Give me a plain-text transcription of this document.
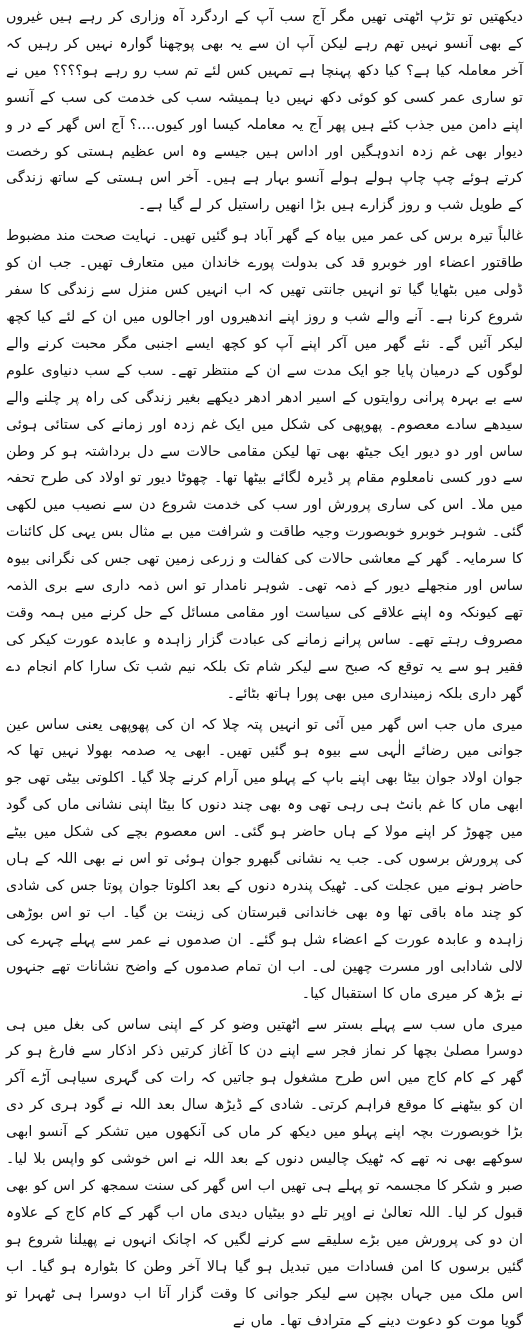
دیکھتیں تو تڑپ اٹھتی تھیں مگر آج سب آپ کے اردگرد آہ وزاری کر رہے ہیں غیروں کے بھی آنسو نہیں تھم رہے لیکن آپ ان سے یہ بھی پوچھنا گوارہ نہیں کر رہیں کہ آخر معاملہ کیا ہے؟ کیا دکھ پہنچا ہے تمہیں کس لئے تم سب رو رہے ہو؟؟؟؟ میں نے تو ساری عمر کسی کو کوئی دکھ نہیں دیا ہمیشہ سب کی خدمت کی سب کے آنسو اپنے دامن میں جذب کئے ہیں پھر آج یہ معاملہ کیسا اور کیوں....؟ آج اس گھر کے در و دیوار بھی غم زدہ اندوہگیں اور اداس ہیں جیسے وہ اس عظیم ہستی کو رخصت کرتے ہوئے چپ چاپ ہولے ہولے آنسو بہار ہے ہیں۔ آخر اس ہستی کے ساتھ زندگی کے طویل شب و روز گزارے ہیں بڑا انھیں راستیل کر لے گیا ہے۔

غالباً تیرہ برس کی عمر میں بیاہ کے گھر آباد ہو گئیں تھیں۔ نہایت صحت مند مضبوط طاقتور اعضاء اور خوبرو قد کی بدولت پورے خاندان میں متعارف تھیں۔ جب ان کو ڈولی میں بٹھایا گیا تو انہیں جانتی تھیں کہ اب انہیں کس منزل سے زندگی کا سفر شروع کرنا ہے۔ آنے والے شب و روز اپنے اندھیروں اور اجالوں میں ان کے لئے کیا کچھ لیکر آئیں گے۔ نئے گھر میں آکر اپنے آپ کو کچھ ایسے اجنبی مگر محبت کرنے والے لوگوں کے درمیان پایا جو ایک مدت سے ان کے منتظر تھے۔ سب کے سب دنیاوی علوم سے بے بہرہ پرانی روایتوں کے اسیر ادھر ادھر دیکھے بغیر زندگی کی راہ پر چلنے والے سیدھے سادے معصوم۔ پھوپھی کی شکل میں ایک غم زدہ اور زمانے کی ستائی ہوئی ساس اور دو دیور ایک جیٹھ بھی تھا لیکن مقامی حالات سے دل برداشتہ ہو کر وطن سے دور کسی نامعلوم مقام پر ڈیرہ لگائے بیٹھا تھا۔ چھوٹا دیور تو اولاد کی طرح تحفہ میں ملا۔ اس کی ساری پرورش اور سب کی خدمت شروع دن سے نصیب میں لکھی گئی۔ شوہر خوبرو خوبصورت وجیہ طاقت و شرافت میں بے مثال بس یہی کل کائنات کا سرمایہ۔ گھر کے معاشی حالات کی کفالت و زرعی زمین تھی جس کی نگرانی بیوہ ساس اور منجھلے دیور کے ذمہ تھی۔ شوہر نامدار تو اس ذمہ داری سے بری الذمہ تھے کیونکہ وہ اپنے علاقے کی سیاست اور مقامی مسائل کے حل کرنے میں ہمہ وقت مصروف رہتے تھے۔ ساس پرانے زمانے کی عبادت گزار زاہدہ و عابدہ عورت کیکر کی فقیر ہو سے یہ توقع کہ صبح سے لیکر شام تک بلکہ نیم شب تک سارا کام انجام دے گھر داری بلکہ زمینداری میں بھی پورا ہاتھ بٹائے۔

میری ماں جب اس گھر میں آئی تو انہیں پتہ چلا کہ ان کی پھوپھی یعنی ساس عین جوانی میں رضائے الٰہی سے بیوہ ہو گئیں تھیں۔ ابھی یہ صدمہ بھولا نہیں تھا کہ جوان اولاد جوان بیٹا بھی اپنے باپ کے پہلو میں آرام کرنے چلا گیا۔ اکلوتی بیٹی تھی جو ابھی ماں کا غم بانٹ ہی رہی تھی وہ بھی چند دنوں کا بیٹا اپنی نشانی ماں کی گود میں چھوڑ کر اپنے مولا کے ہاں حاضر ہو گئی۔ اس معصوم بچے کی شکل میں بیٹے کی پرورش برسوں کی۔ جب یہ نشانی گبھرو جوان ہوئی تو اس نے بھی اللہ کے ہاں حاضر ہونے میں عجلت کی۔ ٹھیک پندرہ دنوں کے بعد اکلوتا جوان پوتا جس کی شادی کو چند ماہ باقی تھا وہ بھی خاندانی قبرستان کی زینت بن گیا۔ اب تو اس بوڑھی زاہدہ و عابدہ عورت کے اعضاء شل ہو گئے۔ ان صدموں نے عمر سے پہلے چہرے کی لالی شادابی اور مسرت چھین لی۔ اب ان تمام صدموں کے واضح نشانات تھے جنہوں نے بڑھ کر میری ماں کا استقبال کیا۔

میری ماں سب سے پہلے بستر سے اٹھتیں وضو کر کے اپنی ساس کی بغل میں ہی دوسرا مصلیٰ بچھا کر نماز فجر سے اپنے دن کا آغاز کرتیں ذکر اذکار سے فارغ ہو کر گھر کے کام کاج میں اس طرح مشغول ہو جاتیں کہ رات کی گہری سیاہی آڑے آکر ان کو بیٹھنے کا موقع فراہم کرتی۔ شادی کے ڈیڑھ سال بعد اللہ نے گود ہری کر دی بڑا خوبصورت بچہ اپنے پہلو میں دیکھ کر ماں کی آنکھوں میں تشکر کے آنسو ابھی سوکھے بھی نہ تھے کہ ٹھیک چالیس دنوں کے بعد اللہ نے اس خوشی کو واپس بلا لیا۔ صبر و شکر کا مجسمہ تو پہلے ہی تھیں اب اس گھر کی سنت سمجھ کر اس کو بھی قبول کر لیا۔ اللہ تعالیٰ نے اوپر تلے دو بیٹیاں دیدی ماں اب گھر کے کام کاج کے علاوہ ان دو کی پرورش میں بڑے سلیقے سے کرنے لگیں کہ اچانک انہوں نے پھیلنا شروع ہو گئیں برسوں کا امن فسادات میں تبدیل ہو گیا ہالا آخر وطن کا بٹوارہ ہو گیا۔ اب اس ملک میں جہاں بچپن سے لیکر جوانی کا وقت گزار آتا اب دوسرا ہی ٹھہرا تو گویا موت کو دعوت دینے کے مترادف تھا۔ ماں نے
